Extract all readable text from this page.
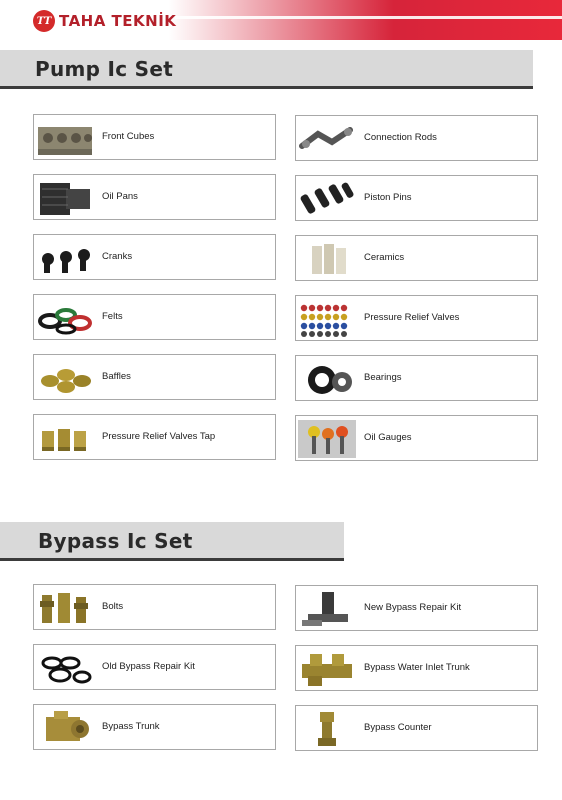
TT TAHA TEKNİK
Pump Ic Set
Front Cubes	Connection Rods
Oil Pans	Piston Pins
Cranks	Ceramics
Felts	Pressure Relief Valves
Baffles	Bearings
Pressure Relief Valves Tap	Oil Gauges
Bypass Ic Set
Bolts	New Bypass Repair Kit
Old Bypass Repair Kit	Bypass Water Inlet Trunk
Bypass Trunk	Bypass Counter
